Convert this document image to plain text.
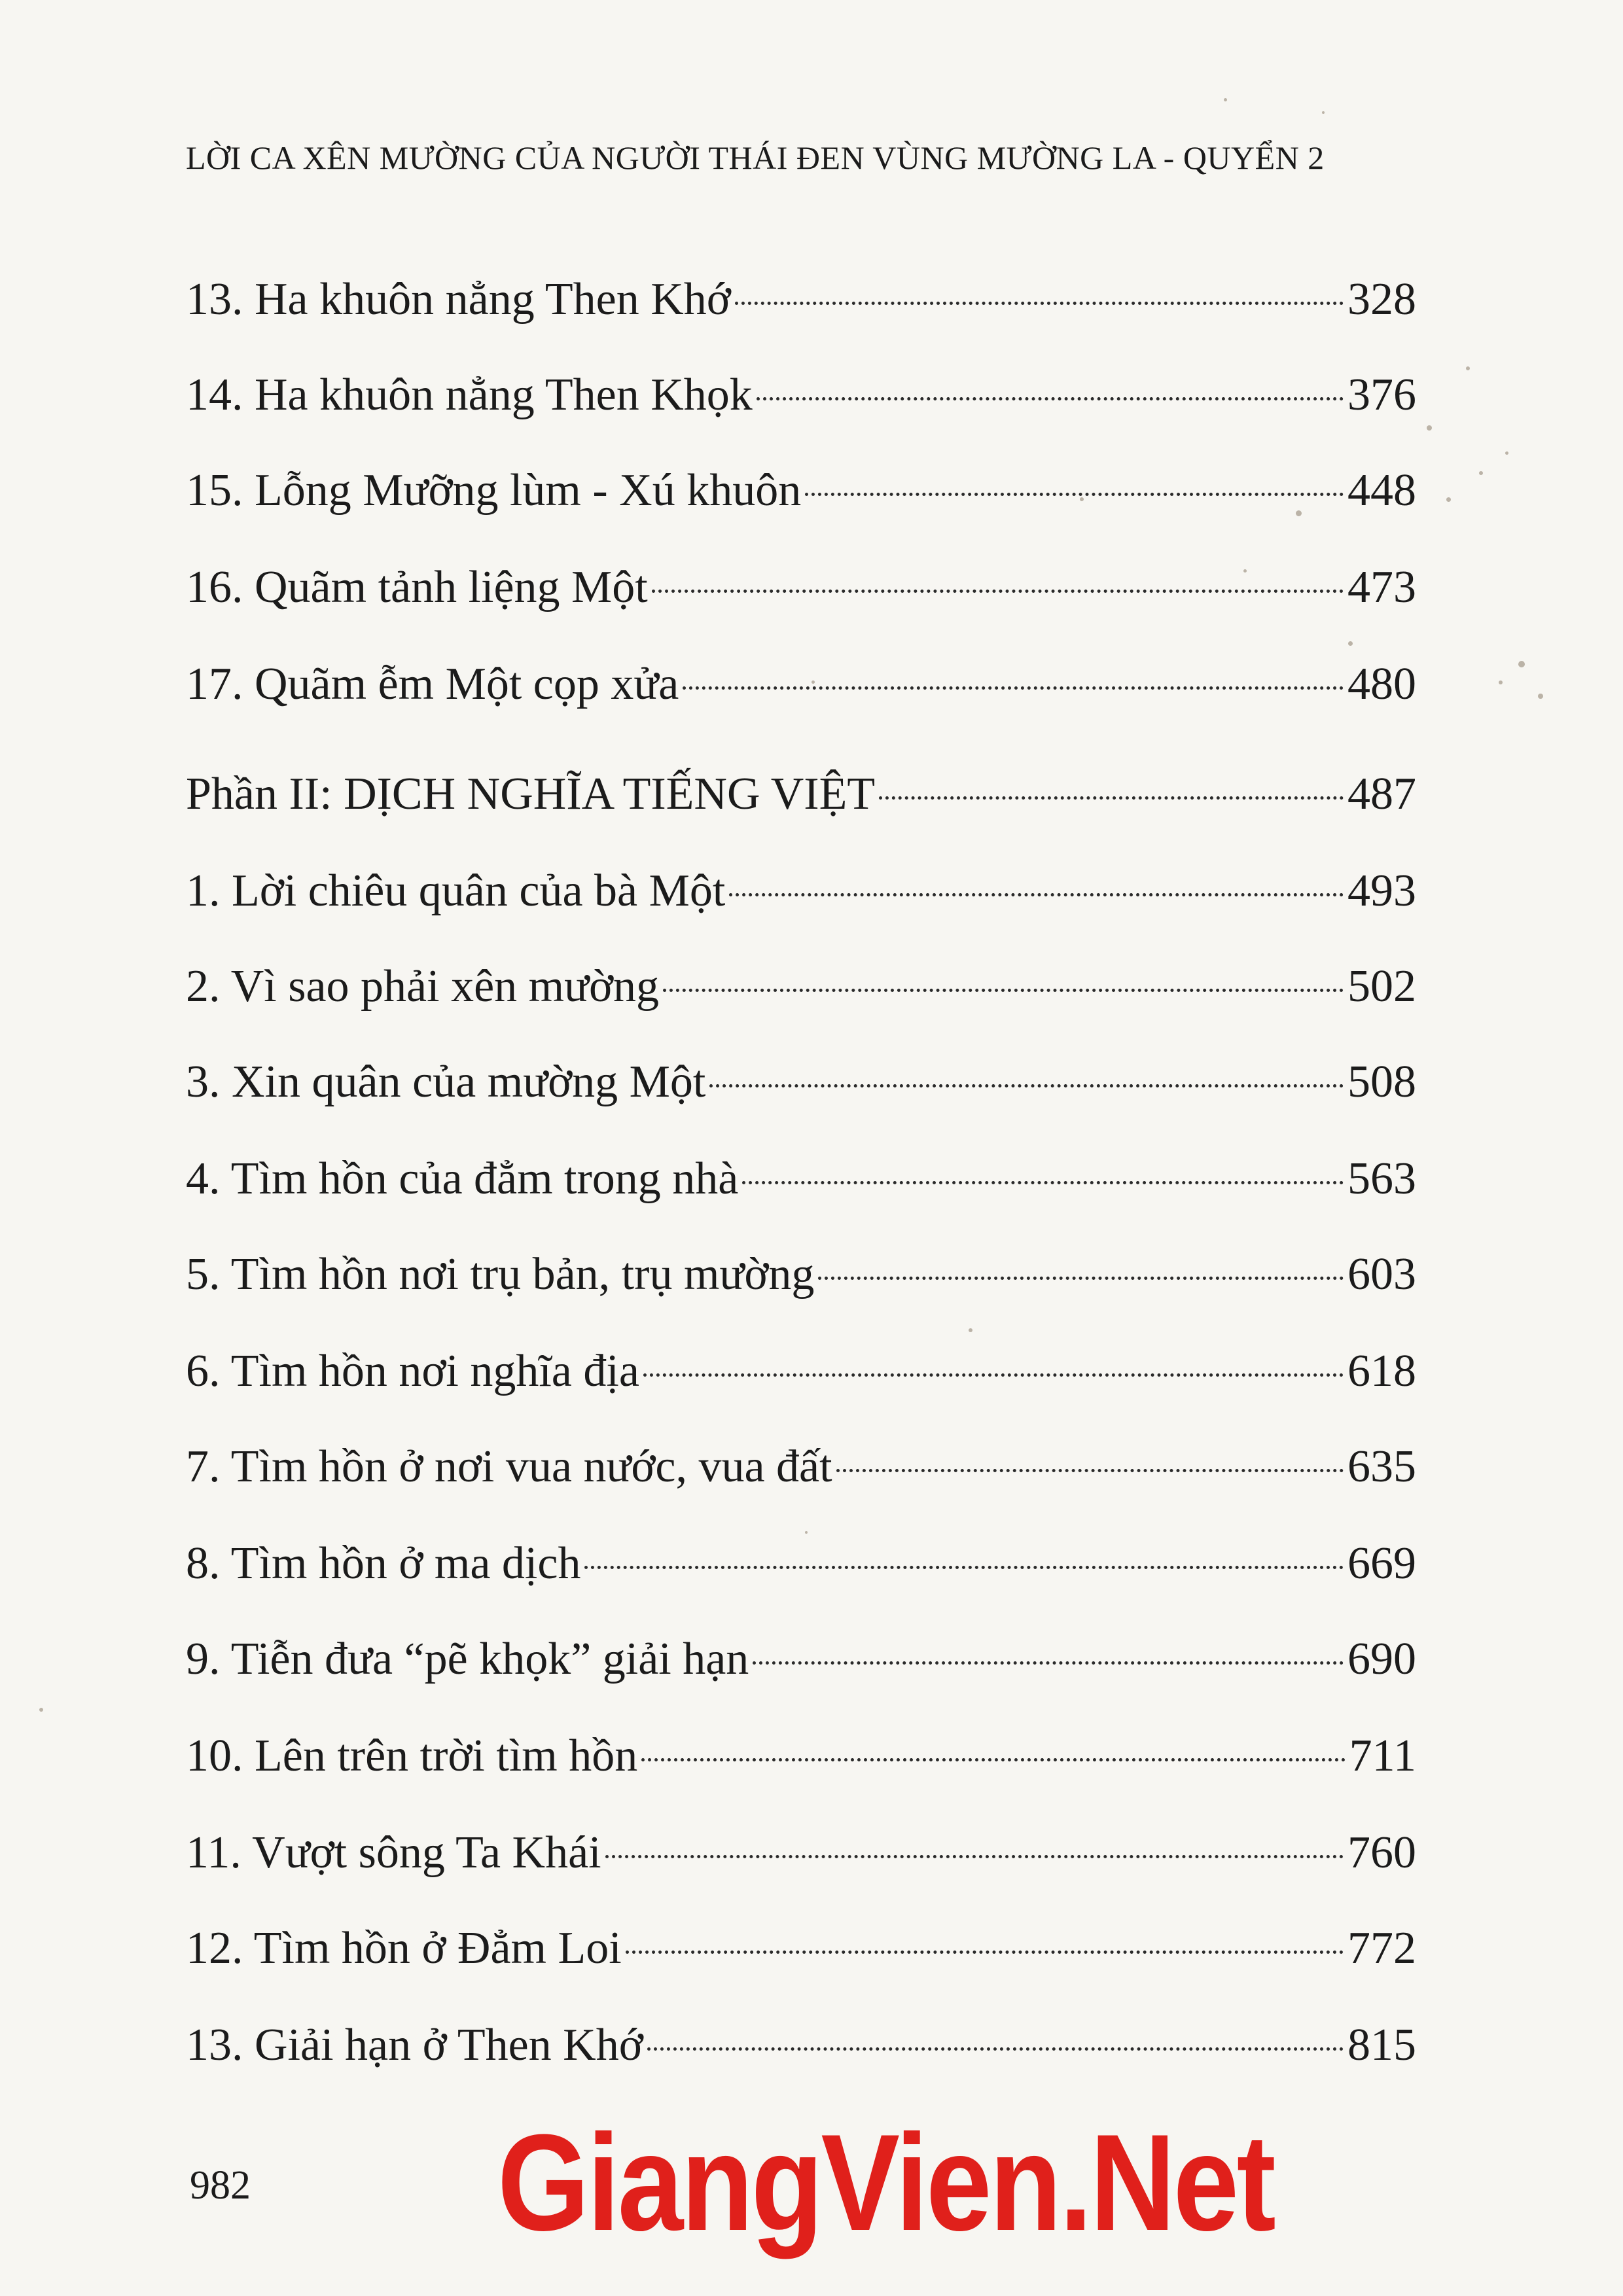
LỜI CA XÊN MƯỜNG CỦA NGƯỜI THÁI ĐEN VÙNG MƯỜNG LA - QUYỂN 2
13. Ha khuôn nẳng Then Khớ	328
14. Ha khuôn nẳng Then Khọk	376
15. Lỗng Mưỡng lùm - Xú khuôn	448
16. Quãm tảnh liệng Một	473
17. Quãm ễm Một cọp xửa	480
Phần II: DỊCH NGHĨA TIẾNG VIỆT	487
1. Lời chiêu quân của bà Một	493
2. Vì sao phải xên mường	502
3. Xin quân của mường Một	508
4. Tìm hồn của đẳm trong nhà	563
5. Tìm hồn nơi trụ bản, trụ mường	603
6. Tìm hồn nơi nghĩa địa	618
7. Tìm hồn ở nơi vua nước, vua đất	635
8. Tìm hồn ở ma dịch	669
9. Tiễn đưa “pẽ khọk” giải hạn	690
10. Lên trên trời tìm hồn	711
11. Vượt sông Ta Khái	760
12. Tìm hồn ở Đẳm Loi	772
13. Giải hạn ở Then Khớ	815
982 GiangVien.Net
